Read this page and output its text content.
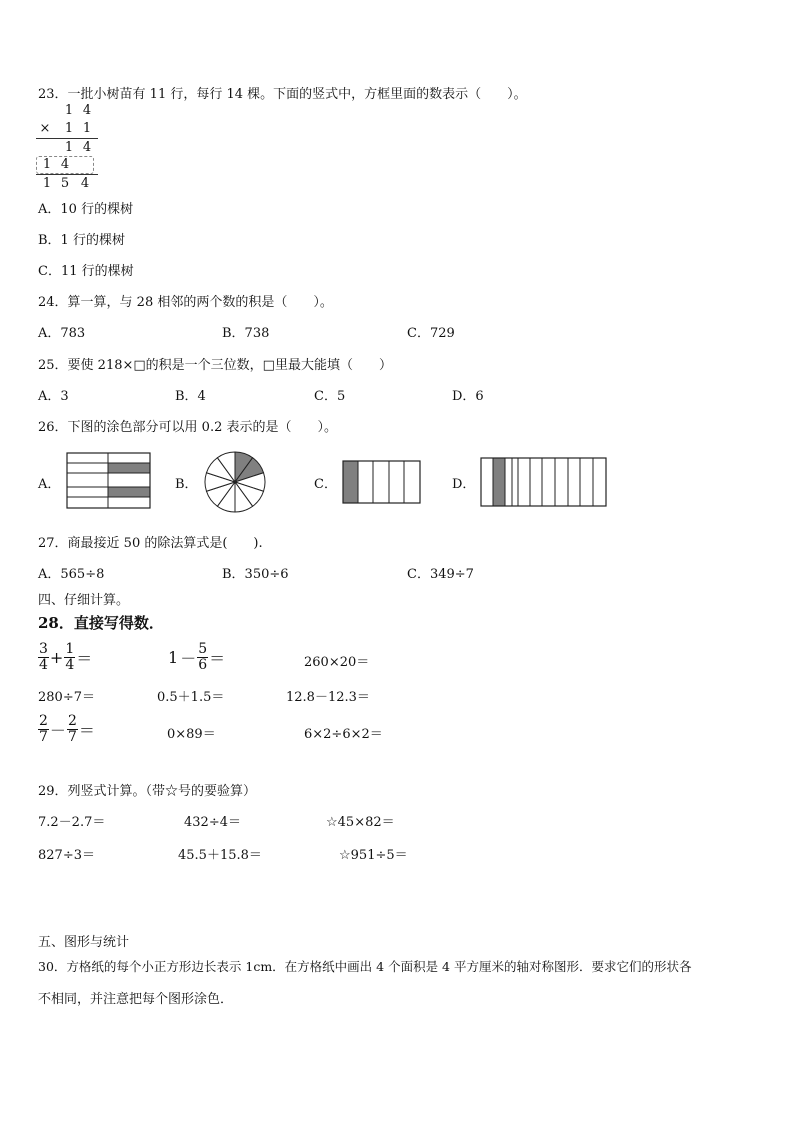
23．一批小树苗有 11 行，每行 14 棵。下面的竖式中，方框里面的数表示（　　）。
1 4
× 1 1
1 4
1 4
1 5 4
A．10 行的棵树
B．1 行的棵树
C．11 行的棵树
24．算一算，与 28 相邻的两个数的积是（　　）。
A．783	B．738	C．729
25．要使 218×□的积是一个三位数，□里最大能填（　　）
A．3	B．4	C．5	D．6
26．下图的涂色部分可以用 0.2 表示的是（　　）。
A．	B．	C．	D．
27．商最接近 50 的除法算式是(　　).
A．565÷8	B．350÷6	C．349÷7
四、仔细计算。
28．直接写得数．
$\frac{3}{4} + \frac{1}{4}$ ＝	$1 - \frac{5}{6}$ ＝	260×20＝
280÷7＝	0.5＋1.5＝	12.8－12.3＝
$\frac{2}{7} - \frac{2}{7}$ ＝	0×89＝	6×2÷6×2＝
29．列竖式计算。（带☆号的要验算）
7.2－2.7＝	432÷4＝	☆45×82＝
827÷3＝	45.5＋15.8＝	☆951÷5＝
五、图形与统计
30．方格纸的每个小正方形边长表示 1cm．在方格纸中画出 4 个面积是 4 平方厘米的轴对称图形．要求它们的形状各
不相同，并注意把每个图形涂色．
